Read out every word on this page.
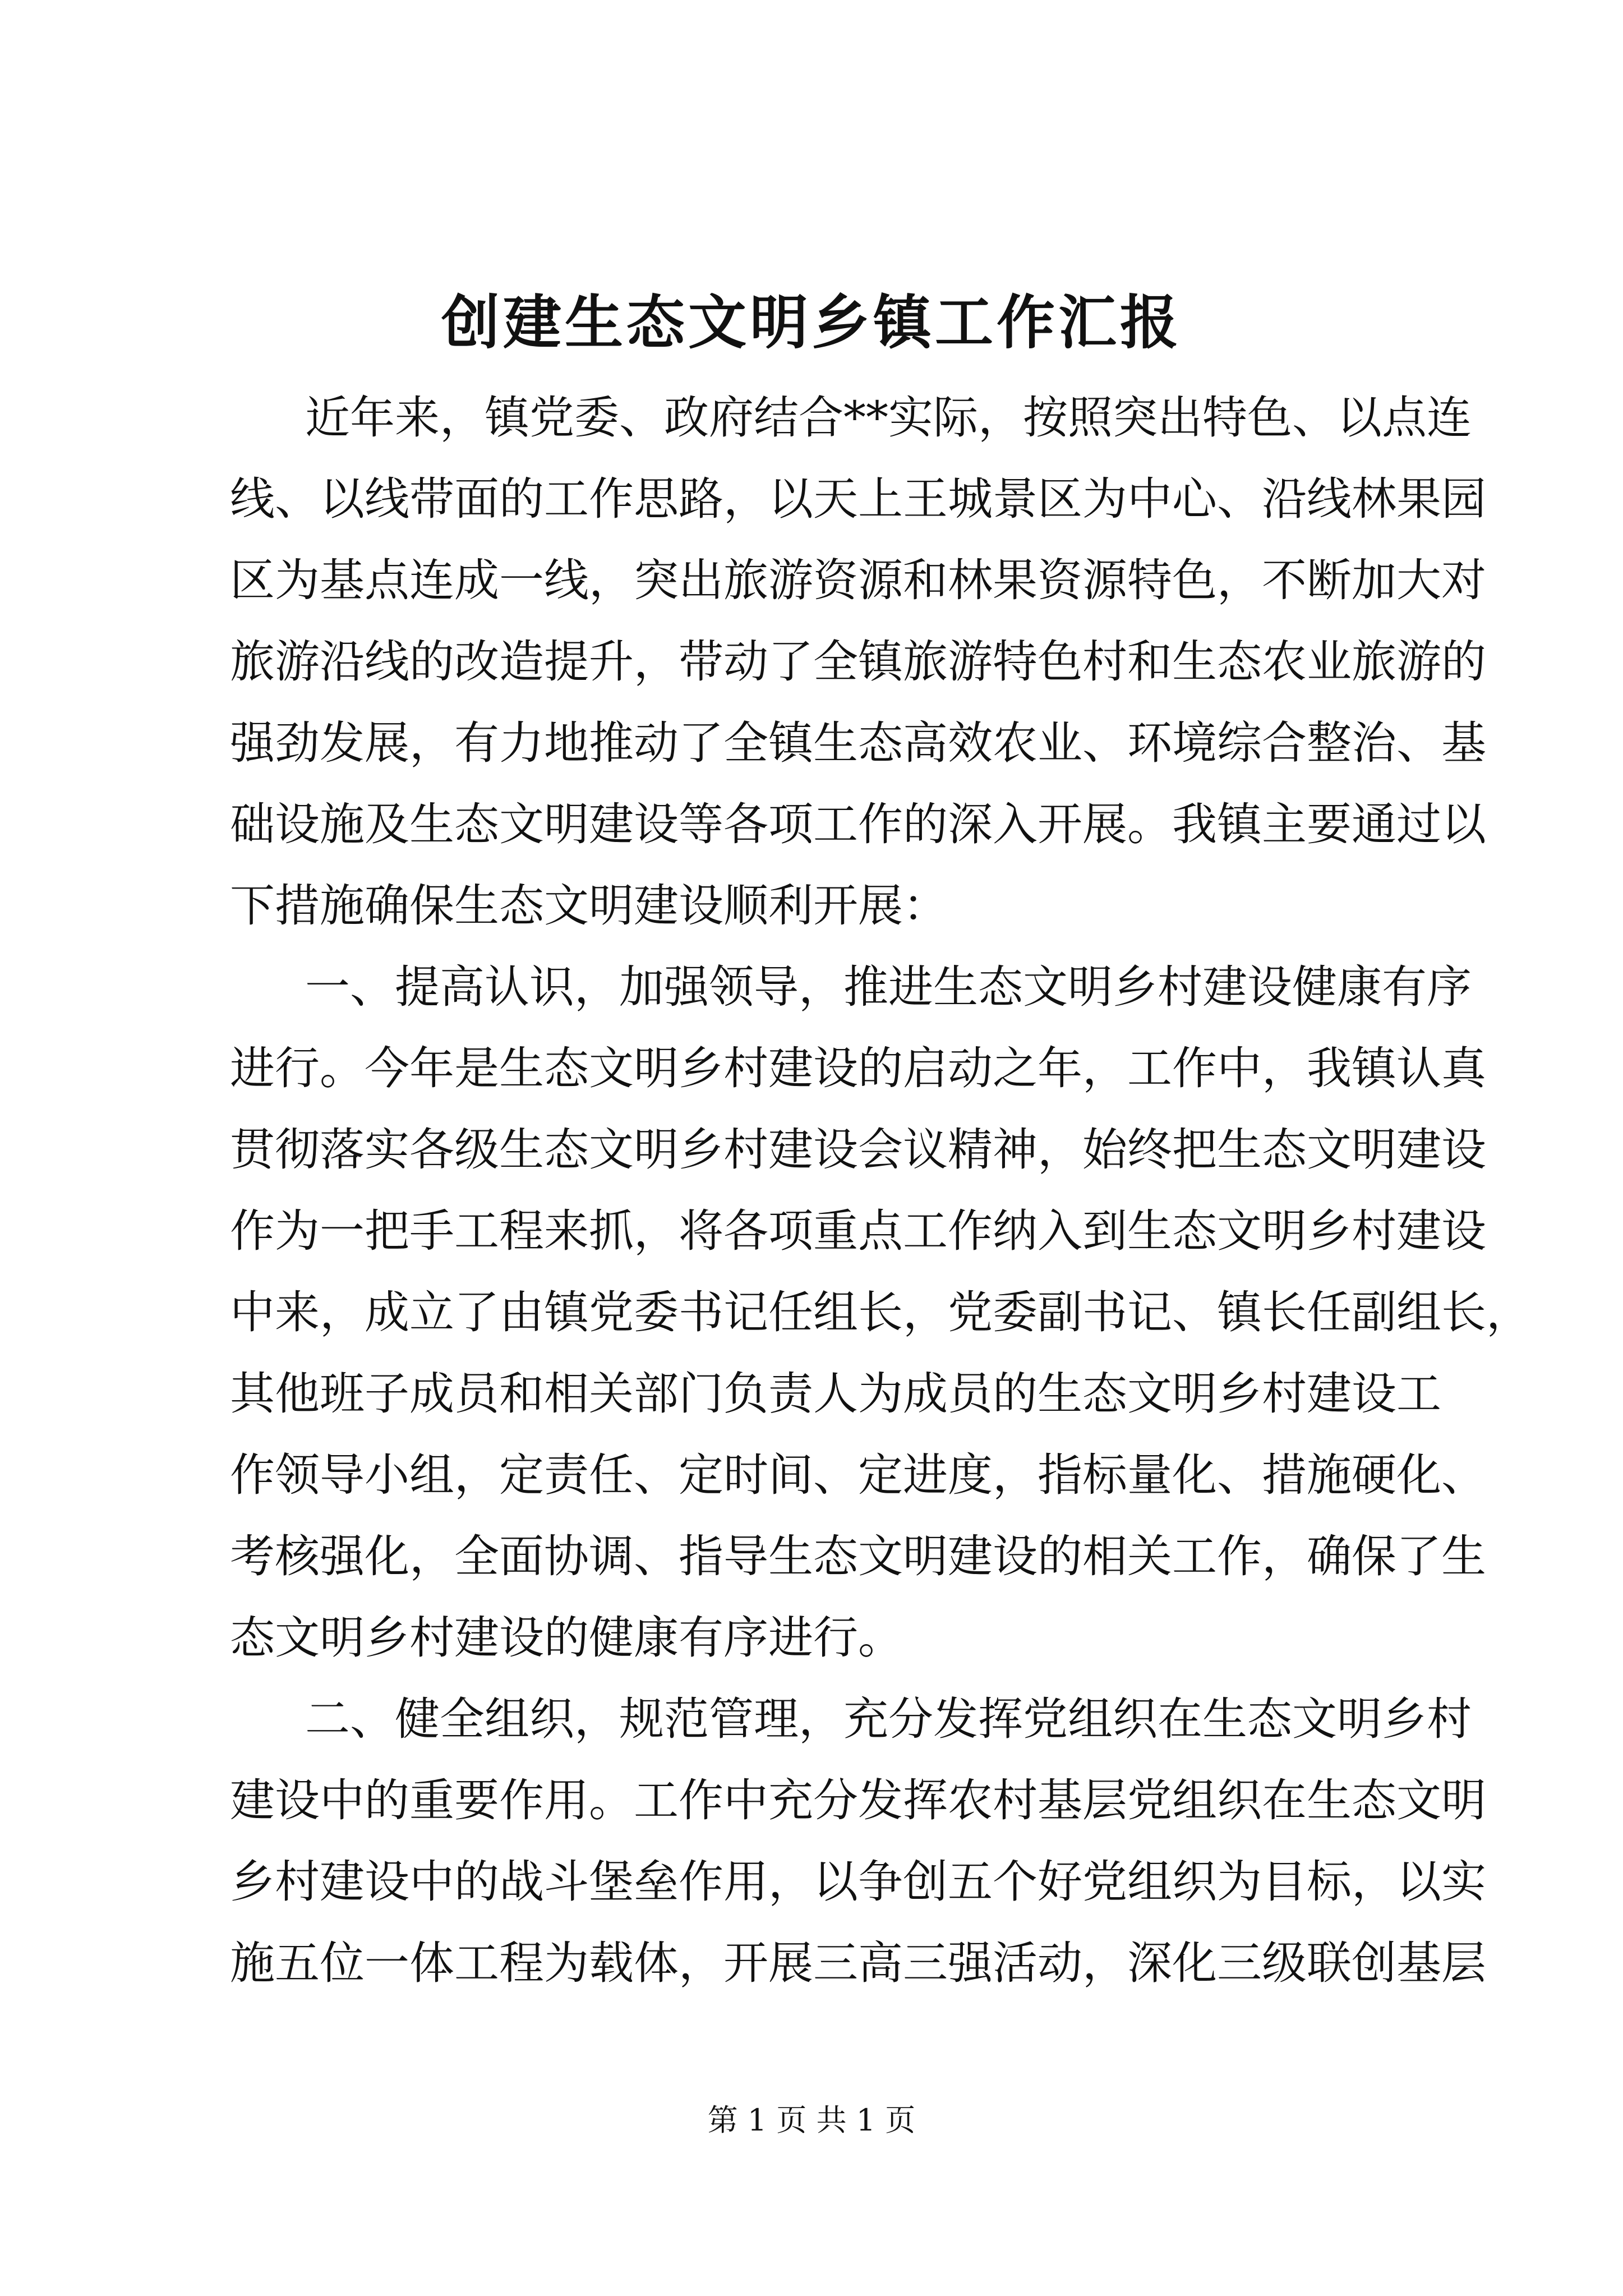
创建生态文明乡镇工作汇报
近年来，镇党委、政府结合**实际，按照突出特色、以点连
线、以线带面的工作思路，以天上王城景区为中心、沿线林果园
区为基点连成一线，突出旅游资源和林果资源特色，不断加大对
旅游沿线的改造提升，带动了全镇旅游特色村和生态农业旅游的
强劲发展，有力地推动了全镇生态高效农业、环境综合整治、基
础设施及生态文明建设等各项工作的深入开展。我镇主要通过以
下措施确保生态文明建设顺利开展：
一、提高认识，加强领导，推进生态文明乡村建设健康有序
进行。今年是生态文明乡村建设的启动之年，工作中，我镇认真
贯彻落实各级生态文明乡村建设会议精神，始终把生态文明建设
作为一把手工程来抓，将各项重点工作纳入到生态文明乡村建设
中来，成立了由镇党委书记任组长，党委副书记、镇长任副组长，
其他班子成员和相关部门负责人为成员的生态文明乡村建设工
作领导小组，定责任、定时间、定进度，指标量化、措施硬化、
考核强化，全面协调、指导生态文明建设的相关工作，确保了生
态文明乡村建设的健康有序进行。
二、健全组织，规范管理，充分发挥党组织在生态文明乡村
建设中的重要作用。工作中充分发挥农村基层党组织在生态文明
乡村建设中的战斗堡垒作用，以争创五个好党组织为目标，以实
施五位一体工程为载体，开展三高三强活动，深化三级联创基层
第 1 页 共 1 页
